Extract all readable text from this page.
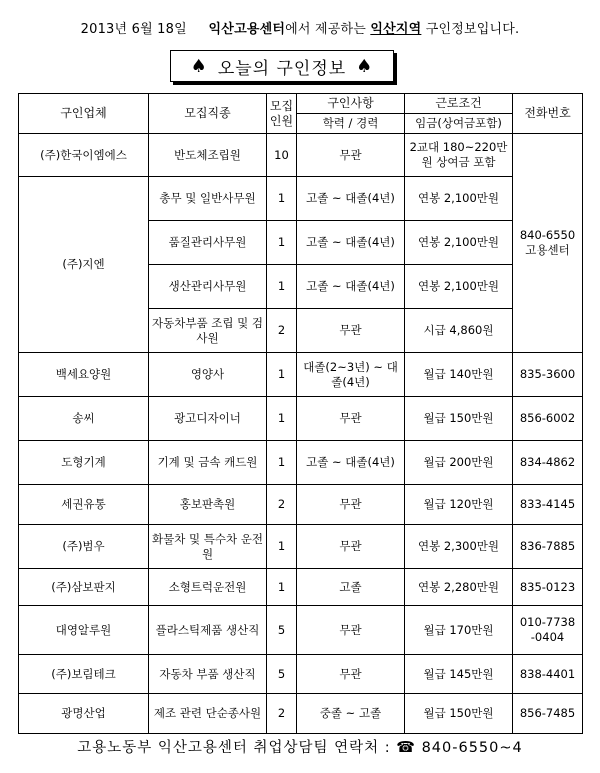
2013년 6월 18일 익산고용센터에서 제공하는 익산지역 구인정보입니다.
♠ 오늘의 구인정보 ♠
구인업체	모집직종	모집인원	구인사항	근로조건	전화번호
			학력 / 경력	임금(상여금포함)	
(주)한국이엠에스	반도체조립원	10	무관	2교대 180~220만원 상여금 포함	840-6550 고용센터
(주)지엔	총무 및 일반사무원	1	고졸 ~ 대졸(4년)	연봉 2,100만원	
	품질관리사무원	1	고졸 ~ 대졸(4년)	연봉 2,100만원	
	생산관리사무원	1	고졸 ~ 대졸(4년)	연봉 2,100만원	
	자동차부품 조립 및 검사원	2	무관	시급 4,860원	
백세요양원	영양사	1	대졸(2~3년) ~ 대졸(4년)	월급 140만원	835-3600
송씨	광고디자이너	1	무관	월급 150만원	856-6002
도형기계	기계 및 금속 캐드원	1	고졸 ~ 대졸(4년)	월급 200만원	834-4862
세권유통	홍보판촉원	2	무관	월급 120만원	833-4145
(주)범우	화물차 및 특수차 운전원	1	무관	연봉 2,300만원	836-7885
(주)삼보판지	소형트럭운전원	1	고졸	연봉 2,280만원	835-0123
대영알루원	플라스틱제품 생산직	5	무관	월급 170만원	010-7738 -0404
(주)보림테크	자동차 부품 생산직	5	무관	월급 145만원	838-4401
광명산업	제조 관련 단순종사원	2	중졸 ~ 고졸	월급 150만원	856-7485
고용노동부 익산고용센터 취업상담팀 연락처 : ☎ 840-6550~4
